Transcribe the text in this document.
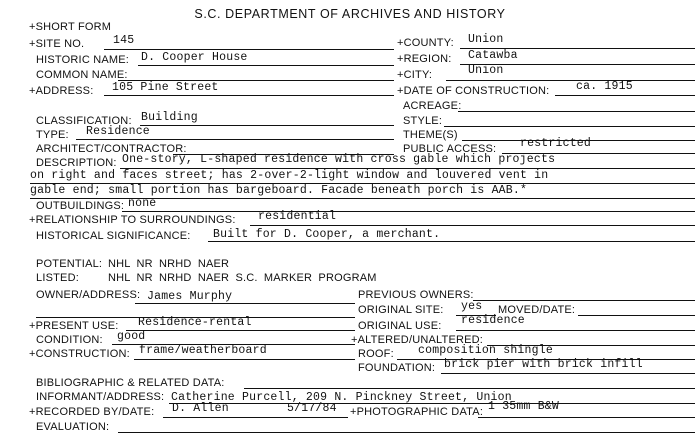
S.C. DEPARTMENT OF ARCHIVES AND HISTORY
+SHORT FORM
+SITE NO. 145	+COUNTY: Union
HISTORIC NAME: D. Cooper House	+REGION: Catawba
COMMON NAME:	+CITY:	Union
+ADDRESS: 105 Pine Street	+DATE OF CONSTRUCTION: ca. 1915
ACREAGE:
CLASSIFICATION: Building	STYLE:
TYPE: Residence	THEME(S)
ARCHITECT/CONTRACTOR:	PUBLIC ACCESS: restricted
DESCRIPTION: One-story, L-shaped residence with cross gable which projects
on right and faces street; has 2-over-2-light window and louvered vent in
gable end; small portion has bargeboard. Facade beneath porch is AAB.*
OUTBUILDINGS: none
+RELATIONSHIP TO SURROUNDINGS: residential
HISTORICAL SIGNIFICANCE: Built for D. Cooper, a merchant.
POTENTIAL: NHL NR NRHD NAER
LISTED:	NHL NR NRHD NAER S.C. MARKER PROGRAM
OWNER/ADDRESS: James Murphy	PREVIOUS OWNERS:
ORIGINAL SITE: yes MOVED/DATE:
+PRESENT USE: Residence-rental	ORIGINAL USE: residence
CONDITION: good	+ALTERED/UNALTERED:
+CONSTRUCTION: frame/weatherboard	ROOF: composition shingle
FOUNDATION: brick pier with brick infill
BIBLIOGRAPHIC & RELATED DATA:
INFORMANT/ADDRESS: Catherine Purcell, 209 N. Pinckney Street, Union
+RECORDED BY/DATE: D. Allen	5/17/84 +PHOTOGRAPHIC DATA: 1 35mm B&W
EVALUATION:
